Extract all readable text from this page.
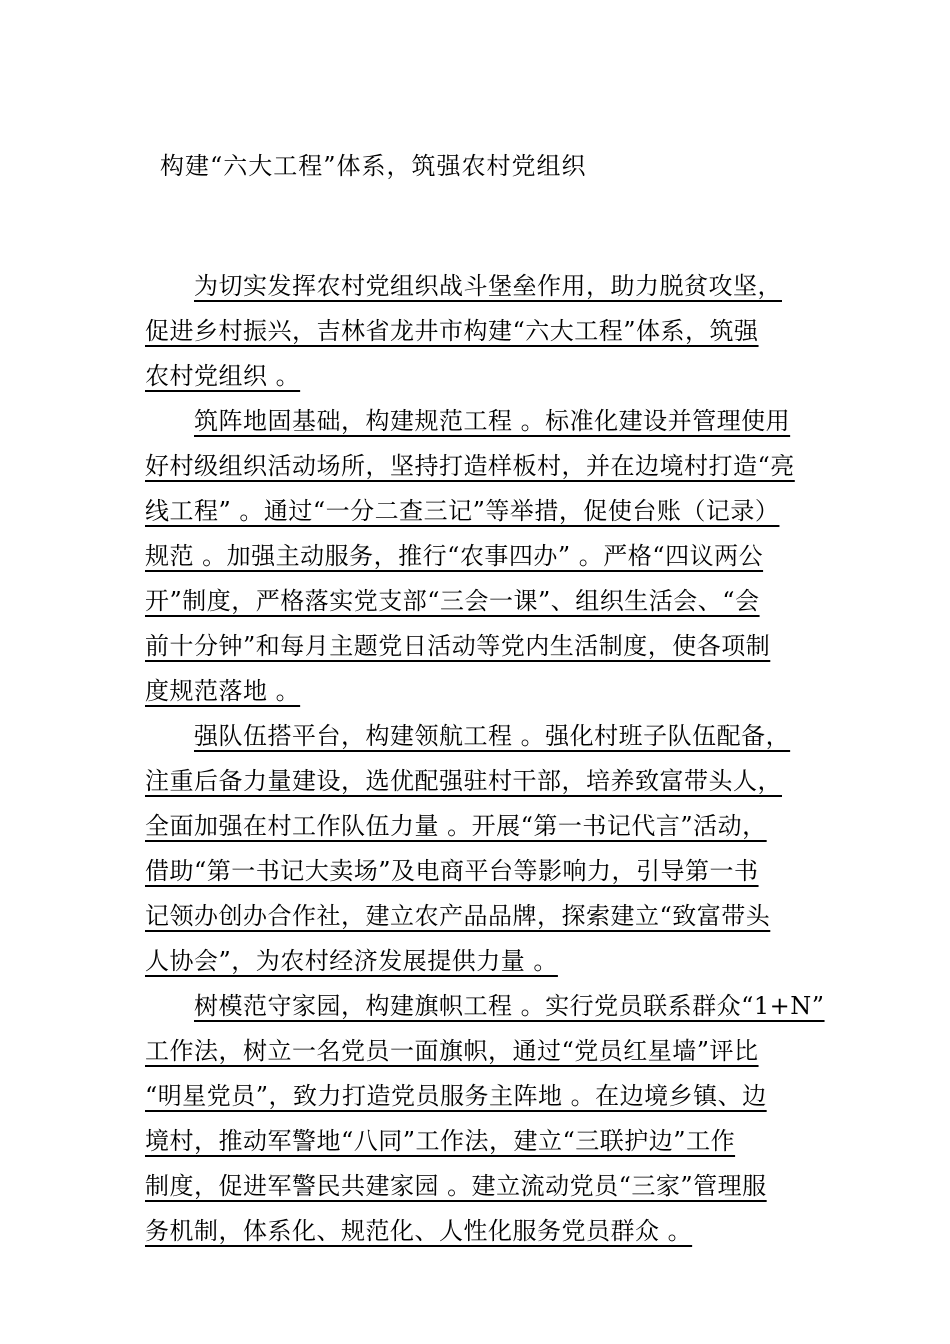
构建“六大工程”体系，筑强农村党组织
为切实发挥农村党组织战斗堡垒作用，助力脱贫攻坚，
促进乡村振兴，吉林省龙井市构建“六大工程”体系，筑强
农村党组织 。
筑阵地固基础，构建规范工程 。标准化建设并管理使用
好村级组织活动场所，坚持打造样板村，并在边境村打造“亮
线工程” 。通过“一分二查三记”等举措，促使台账（记录）
规范 。加强主动服务，推行“农事四办” 。严格“四议两公
开”制度，严格落实党支部“三会一课”、组织生活会、“会
前十分钟”和每月主题党日活动等党内生活制度，使各项制
度规范落地 。
强队伍搭平台，构建领航工程 。强化村班子队伍配备，
注重后备力量建设，选优配强驻村干部，培养致富带头人，
全面加强在村工作队伍力量 。开展“第一书记代言”活动，
借助“第一书记大卖场”及电商平台等影响力，引导第一书
记领办创办合作社，建立农产品品牌，探索建立“致富带头
人协会”，为农村经济发展提供力量 。
树模范守家园，构建旗帜工程 。实行党员联系群众“1+N”
工作法，树立一名党员一面旗帜，通过“党员红星墙”评比
“明星党员”，致力打造党员服务主阵地 。在边境乡镇、边
境村，推动军警地“八同”工作法，建立“三联护边”工作
制度，促进军警民共建家园 。建立流动党员“三家”管理服
务机制，体系化、规范化、人性化服务党员群众 。
